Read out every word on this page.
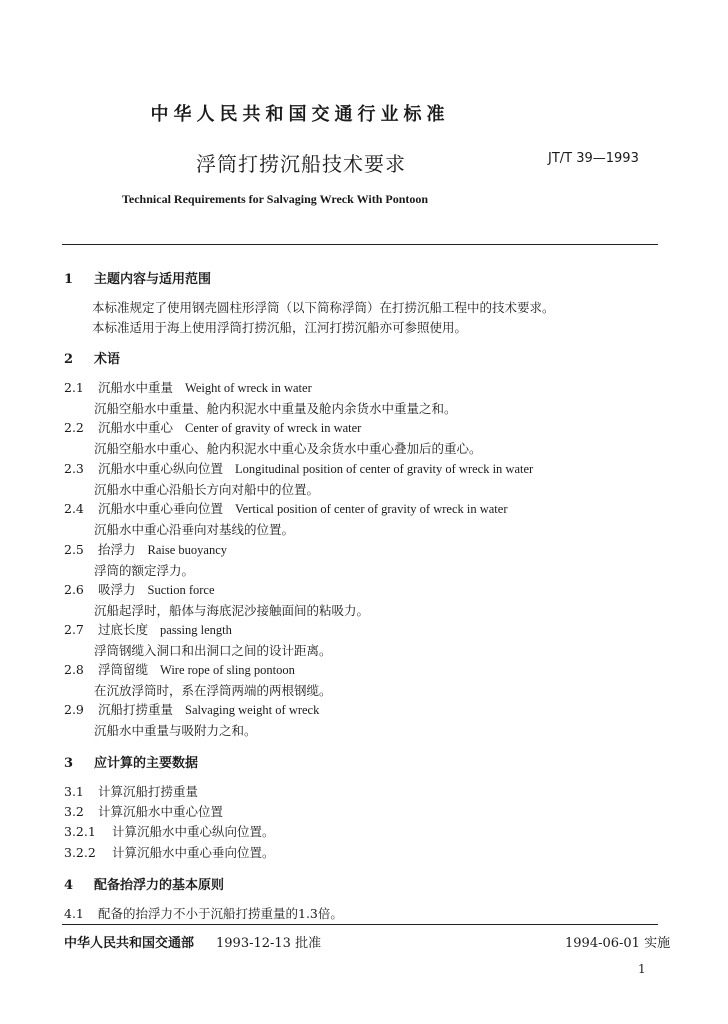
中华人民共和国交通行业标准
浮筒打捞沉船技术要求	JT/T 39—1993
Technical Requirements for Salvaging Wreck With Pontoon
1 主题内容与适用范围
本标准规定了使用钢壳圆柱形浮筒（以下简称浮筒）在打捞沉船工程中的技术要求。
本标准适用于海上使用浮筒打捞沉船，江河打捞沉船亦可参照使用。
2 术语
2.1 沉船水中重量 Weight of wreck in water
沉船空船水中重量、舱内积泥水中重量及舱内余货水中重量之和。
2.2 沉船水中重心 Center of gravity of wreck in water
沉船空船水中重心、舱内积泥水中重心及余货水中重心叠加后的重心。
2.3 沉船水中重心纵向位置 Longitudinal position of center of gravity of wreck in water
沉船水中重心沿船长方向对船中的位置。
2.4 沉船水中重心垂向位置 Vertical position of center of gravity of wreck in water
沉船水中重心沿垂向对基线的位置。
2.5 抬浮力 Raise buoyancy
浮筒的额定浮力。
2.6 吸浮力 Suction force
沉船起浮时，船体与海底泥沙接触面间的粘吸力。
2.7 过底长度 passing length
浮筒钢缆入洞口和出洞口之间的设计距离。
2.8 浮筒留缆 Wire rope of sling pontoon
在沉放浮筒时，系在浮筒两端的两根钢缆。
2.9 沉船打捞重量 Salvaging weight of wreck
沉船水中重量与吸附力之和。
3 应计算的主要数据
3.1 计算沉船打捞重量
3.2 计算沉船水中重心位置
3.2.1 计算沉船水中重心纵向位置。
3.2.2 计算沉船水中重心垂向位置。
4 配备抬浮力的基本原则
4.1 配备的抬浮力不小于沉船打捞重量的1.3倍。
中华人民共和国交通部 1993-12-13 批准	1994-06-01 实施
1
